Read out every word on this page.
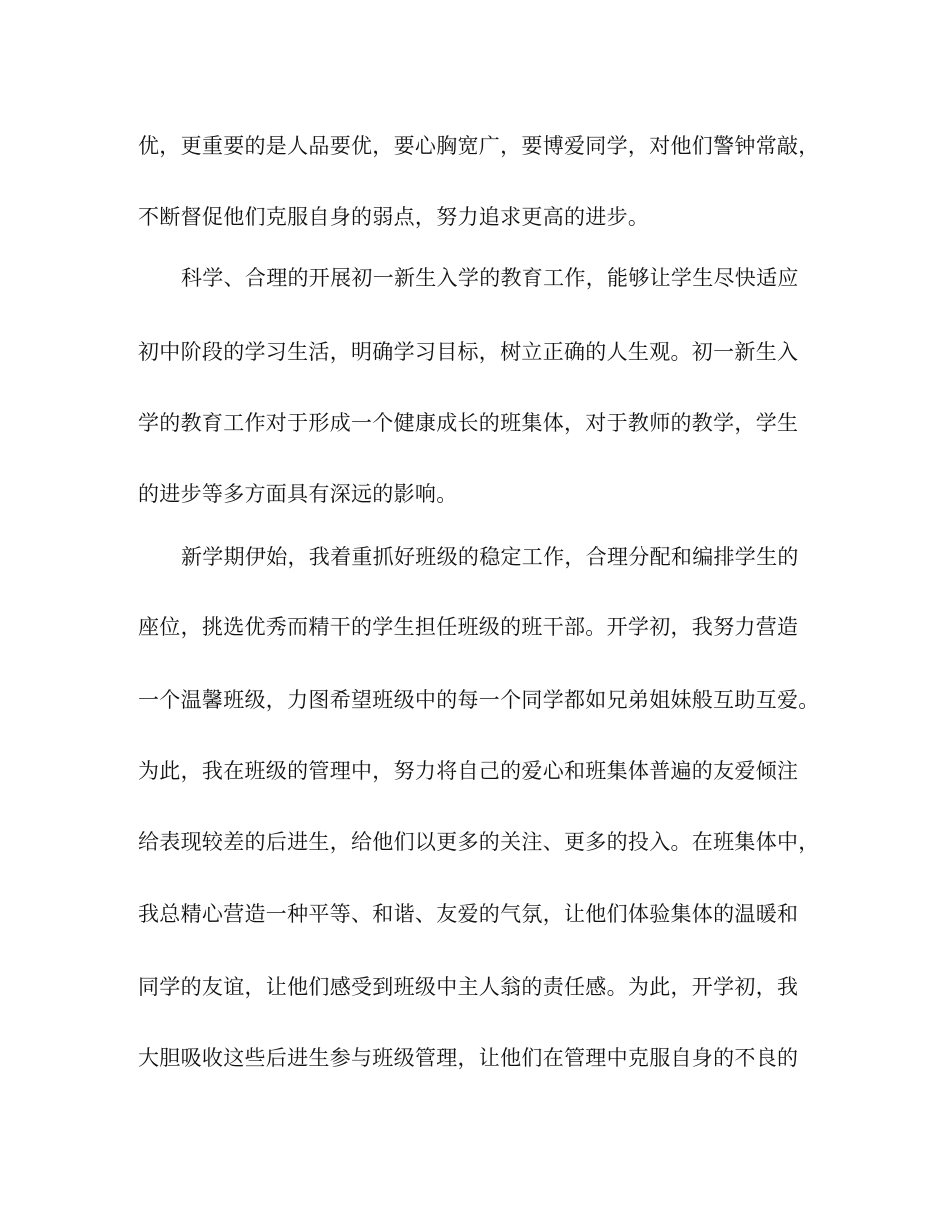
优，更重要的是人品要优，要心胸宽广，要博爱同学，对他们警钟常敲，
不断督促他们克服自身的弱点，努力追求更高的进步。
科学、合理的开展初一新生入学的教育工作，能够让学生尽快适应
初中阶段的学习生活，明确学习目标，树立正确的人生观。初一新生入
学的教育工作对于形成一个健康成长的班集体，对于教师的教学，学生
的进步等多方面具有深远的影响。
新学期伊始，我着重抓好班级的稳定工作，合理分配和编排学生的
座位，挑选优秀而精干的学生担任班级的班干部。开学初，我努力营造
一个温馨班级，力图希望班级中的每一个同学都如兄弟姐妹般互助互爱。
为此，我在班级的管理中，努力将自己的爱心和班集体普遍的友爱倾注
给表现较差的后进生，给他们以更多的关注、更多的投入。在班集体中，
我总精心营造一种平等、和谐、友爱的气氛，让他们体验集体的温暖和
同学的友谊，让他们感受到班级中主人翁的责任感。为此，开学初，我
大胆吸收这些后进生参与班级管理，让他们在管理中克服自身的不良的
